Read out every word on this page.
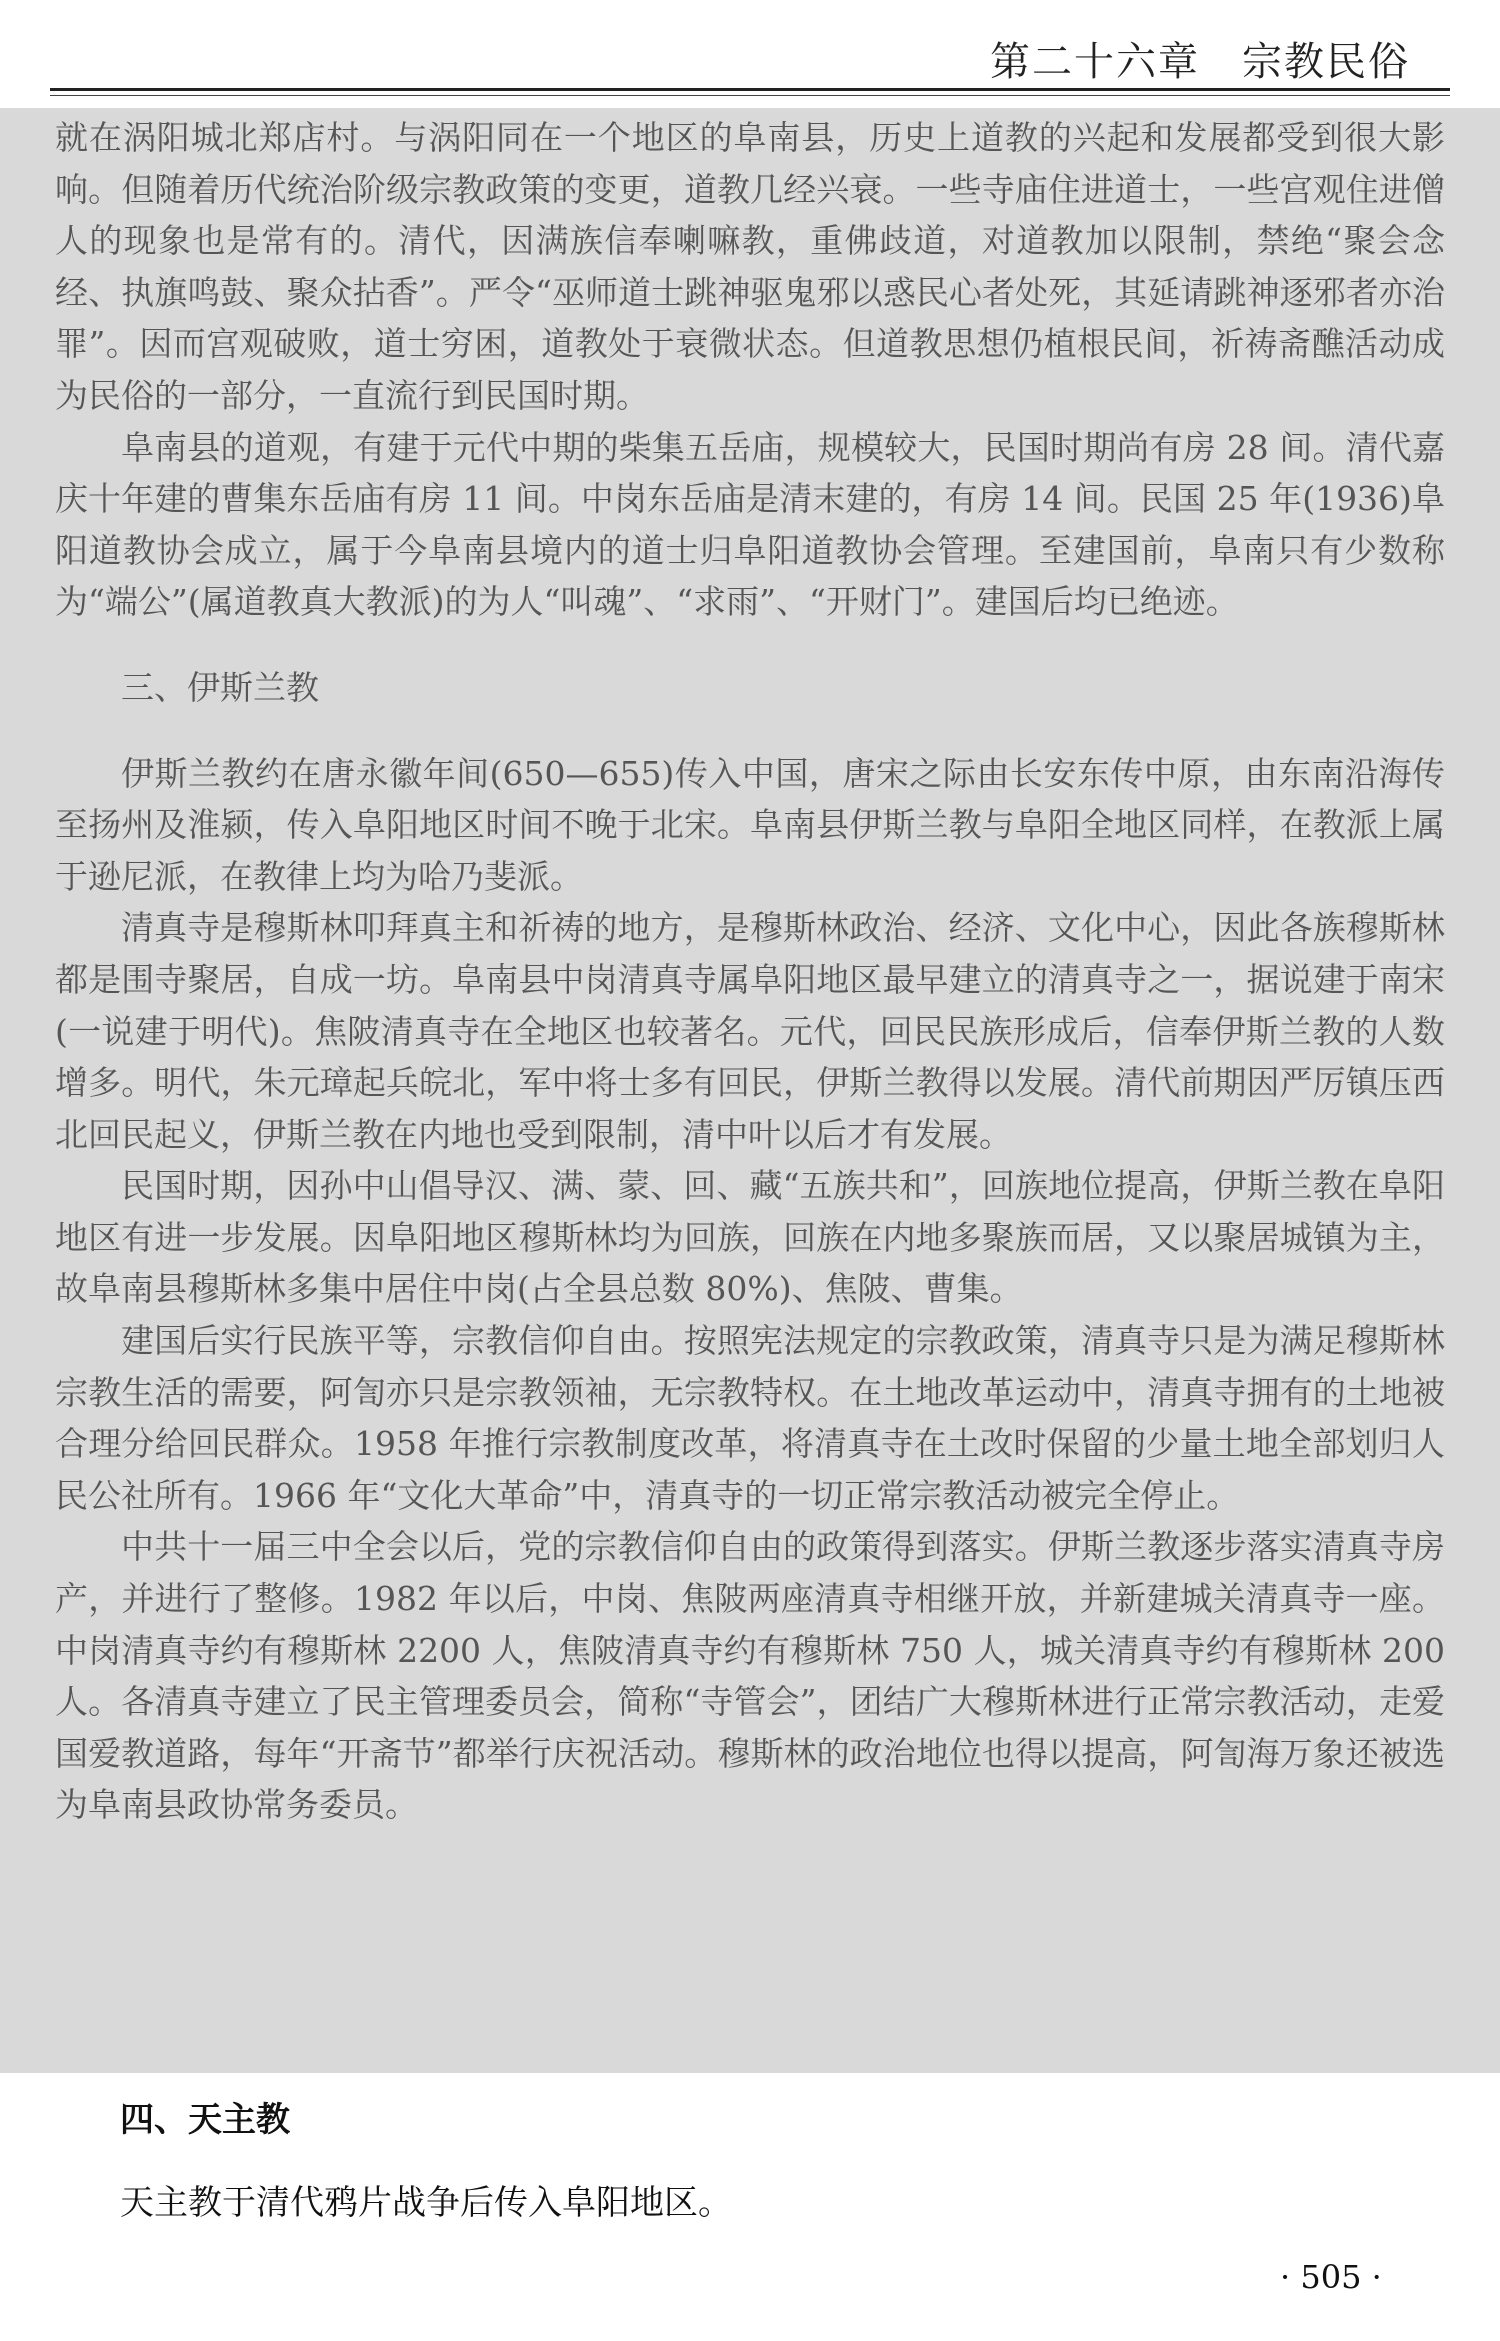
第二十六章　宗教民俗

就在涡阳城北郑店村。与涡阳同在一个地区的阜南县，历史上道教的兴起和发展都受到很大影响。但随着历代统治阶级宗教政策的变更，道教几经兴衰。一些寺庙住进道士，一些宫观住进僧人的现象也是常有的。清代，因满族信奉喇嘛教，重佛歧道，对道教加以限制，禁绝“聚会念经、执旗鸣鼓、聚众拈香”。严令“巫师道士跳神驱鬼邪以惑民心者处死，其延请跳神逐邪者亦治罪”。因而宫观破败，道士穷困，道教处于衰微状态。但道教思想仍植根民间，祈祷斋醮活动成为民俗的一部分，一直流行到民国时期。

阜南县的道观，有建于元代中期的柴集五岳庙，规模较大，民国时期尚有房 28 间。清代嘉庆十年建的曹集东岳庙有房 11 间。中岗东岳庙是清末建的，有房 14 间。民国 25 年(1936)阜阳道教协会成立，属于今阜南县境内的道士归阜阳道教协会管理。至建国前，阜南只有少数称为“端公”(属道教真大教派)的为人“叫魂”、“求雨”、“开财门”。建国后均已绝迹。

三、伊斯兰教

伊斯兰教约在唐永徽年间(650—655)传入中国，唐宋之际由长安东传中原，由东南沿海传至扬州及淮颍，传入阜阳地区时间不晚于北宋。阜南县伊斯兰教与阜阳全地区同样，在教派上属于逊尼派，在教律上均为哈乃斐派。

清真寺是穆斯林叩拜真主和祈祷的地方，是穆斯林政治、经济、文化中心，因此各族穆斯林都是围寺聚居，自成一坊。阜南县中岗清真寺属阜阳地区最早建立的清真寺之一，据说建于南宋(一说建于明代)。焦陂清真寺在全地区也较著名。元代，回民民族形成后，信奉伊斯兰教的人数增多。明代，朱元璋起兵皖北，军中将士多有回民，伊斯兰教得以发展。清代前期因严厉镇压西北回民起义，伊斯兰教在内地也受到限制，清中叶以后才有发展。

民国时期，因孙中山倡导汉、满、蒙、回、藏“五族共和”，回族地位提高，伊斯兰教在阜阳地区有进一步发展。因阜阳地区穆斯林均为回族，回族在内地多聚族而居，又以聚居城镇为主，故阜南县穆斯林多集中居住中岗(占全县总数 80%)、焦陂、曹集。

建国后实行民族平等，宗教信仰自由。按照宪法规定的宗教政策，清真寺只是为满足穆斯林宗教生活的需要，阿訇亦只是宗教领袖，无宗教特权。在土地改革运动中，清真寺拥有的土地被合理分给回民群众。1958 年推行宗教制度改革，将清真寺在土改时保留的少量土地全部划归人民公社所有。1966 年“文化大革命”中，清真寺的一切正常宗教活动被完全停止。

中共十一届三中全会以后，党的宗教信仰自由的政策得到落实。伊斯兰教逐步落实清真寺房产，并进行了整修。1982 年以后，中岗、焦陂两座清真寺相继开放，并新建城关清真寺一座。中岗清真寺约有穆斯林 2200 人，焦陂清真寺约有穆斯林 750 人，城关清真寺约有穆斯林 200 人。各清真寺建立了民主管理委员会，简称“寺管会”，团结广大穆斯林进行正常宗教活动，走爱国爱教道路，每年“开斋节”都举行庆祝活动。穆斯林的政治地位也得以提高，阿訇海万象还被选为阜南县政协常务委员。

四、天主教
天主教于清代鸦片战争后传入阜阳地区。
· 505 ·
